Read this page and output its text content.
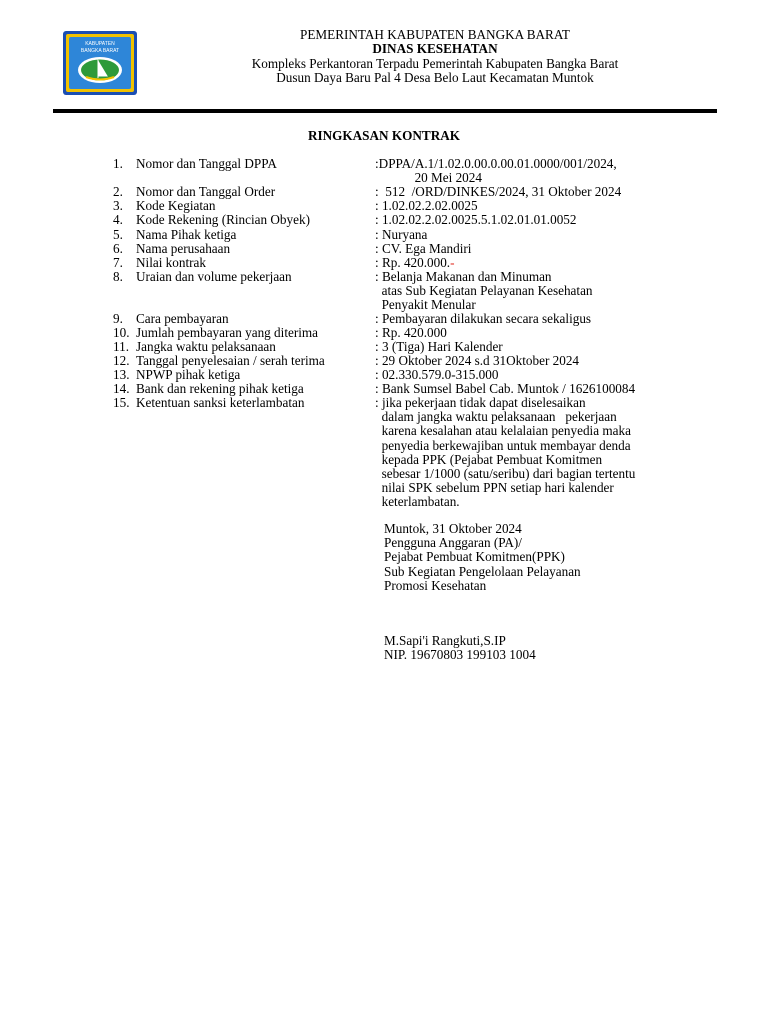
KABUPATEN
BANGKA BARAT
PEMERINTAH KABUPATEN BANGKA BARAT
DINAS KESEHATAN
Kompleks Perkantoran Terpadu Pemerintah Kabupaten Bangka Barat
Dusun Daya Baru Pal 4 Desa Belo Laut Kecamatan Muntok
RINGKASAN KONTRAK
1. Nomor dan Tanggal DPPA	:DPPA/A.1/1.02.0.00.0.00.01.0000/001/2024,
20 Mei 2024
2. Nomor dan Tanggal Order	:  512  /ORD/DINKES/2024, 31 Oktober 2024
3. Kode Kegiatan	: 1.02.02.2.02.0025
4. Kode Rekening (Rincian Obyek)	: 1.02.02.2.02.0025.5.1.02.01.01.0052
5. Nama Pihak ketiga	: Nuryana
6. Nama perusahaan	: CV. Ega Mandiri
7. Nilai kontrak	: Rp. 420.000.-
8. Uraian dan volume pekerjaan	: Belanja Makanan dan Minuman
atas Sub Kegiatan Pelayanan Kesehatan
Penyakit Menular
9. Cara pembayaran	: Pembayaran dilakukan secara sekaligus
10. Jumlah pembayaran yang diterima	: Rp. 420.000
11. Jangka waktu pelaksanaan	: 3 (Tiga) Hari Kalender
12. Tanggal penyelesaian / serah terima	: 29 Oktober 2024 s.d 31Oktober 2024
13. NPWP pihak ketiga	: 02.330.579.0-315.000
14. Bank dan rekening pihak ketiga	: Bank Sumsel Babel Cab. Muntok / 1626100084
15. Ketentuan sanksi keterlambatan	: jika pekerjaan tidak dapat diselesaikan
dalam jangka waktu pelaksanaan   pekerjaan
karena kesalahan atau kelalaian penyedia maka
penyedia berkewajiban untuk membayar denda
kepada PPK (Pejabat Pembuat Komitmen
sebesar 1/1000 (satu/seribu) dari bagian tertentu
nilai SPK sebelum PPN setiap hari kalender
keterlambatan.
Muntok, 31 Oktober 2024
Pengguna Anggaran (PA)/
Pejabat Pembuat Komitmen(PPK)
Sub Kegiatan Pengelolaan Pelayanan
Promosi Kesehatan
M.Sapi'i Rangkuti,S.IP
NIP. 19670803 199103 1004
